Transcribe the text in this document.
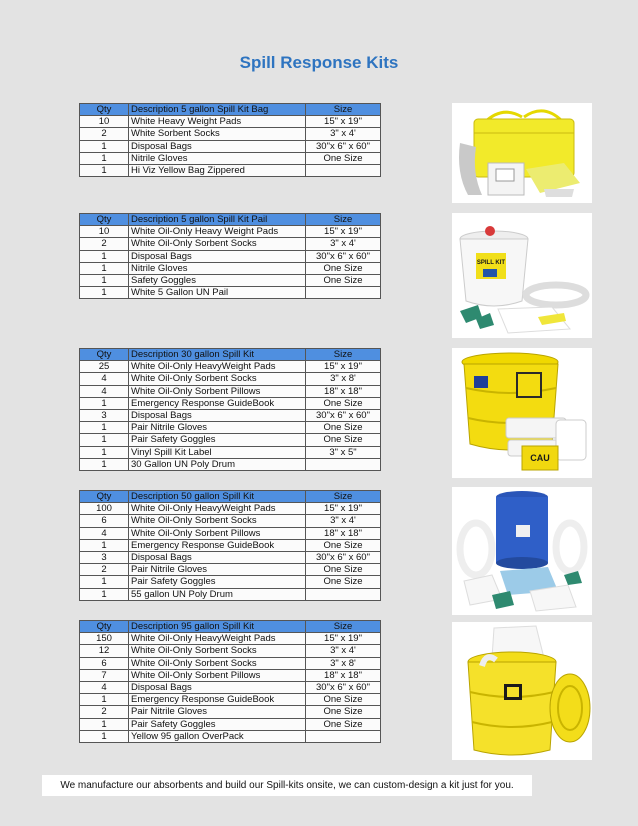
Spill Response Kits
Qty	Description 5 gallon Spill Kit Bag	Size
10	White Heavy Weight Pads	15" x 19"
2	White Sorbent Socks	3" x 4'
1	Disposal Bags	30"x 6" x 60"
1	Nitrile Gloves	One Size
1	Hi Viz Yellow Bag Zippered	
Qty	Description 5 gallon Spill Kit Pail	Size
10	White Oil-Only Heavy Weight Pads	15" x 19"
2	White Oil-Only Sorbent Socks	3" x 4'
1	Disposal Bags	30"x 6" x 60"
1	Nitrile Gloves	One Size
1	Safety Goggles	One Size
1	White 5 Gallon UN Pail	
Qty	Description 30 gallon Spill Kit	Size
25	White Oil-Only HeavyWeight Pads	15" x 19"
4	White Oil-Only Sorbent Socks	3" x 8'
4	White Oil-Only Sorbent Pillows	18" x 18"
1	Emergency Response GuideBook	One Size
3	Disposal Bags	30"x 6" x 60"
1	Pair Nitrile Gloves	One Size
1	Pair Safety Goggles	One Size
1	Vinyl Spill Kit Label	3" x 5"
1	30 Gallon UN Poly Drum	
Qty	Description 50 gallon Spill Kit	Size
100	White Oil-Only HeavyWeight Pads	15" x 19"
6	White Oil-Only Sorbent Socks	3" x 4'
4	White Oil-Only Sorbent Pillows	18" x 18"
1	Emergency Response GuideBook	One Size
3	Disposal Bags	30"x 6" x 60"
2	Pair Nitrile Gloves	One Size
1	Pair Safety Goggles	One Size
1	55 gallon UN Poly Drum	
Qty	Description 95 gallon Spill Kit	Size
150	White Oil-Only HeavyWeight Pads	15" x 19"
12	White Oil-Only Sorbent Socks	3" x 4'
6	White Oil-Only Sorbent Socks	3" x 8'
7	White Oil-Only Sorbent Pillows	18" x 18"
4	Disposal Bags	30"x 6" x 60"
1	Emergency Response GuideBook	One Size
2	Pair Nitrile Gloves	One Size
1	Pair Safety Goggles	One Size
1	Yellow 95 gallon OverPack	
SPILL KIT
CAU
We manufacture our absorbents and build our Spill-kits onsite, we can custom-design a kit just for you.
